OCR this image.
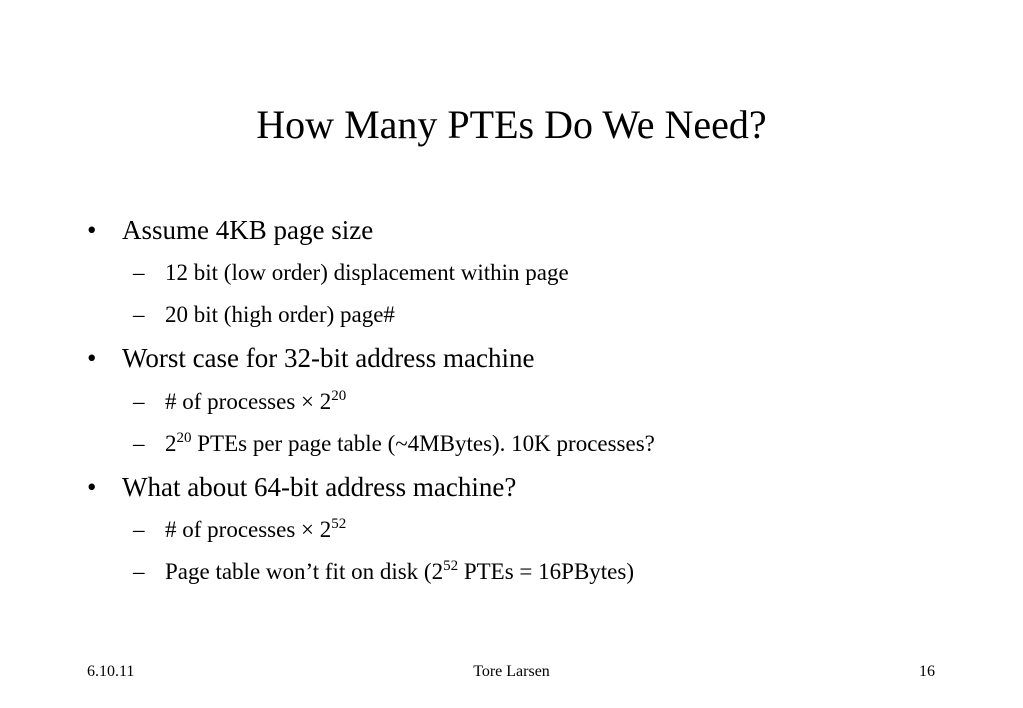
How Many PTEs Do We Need?
• Assume 4KB page size
– 12 bit (low order) displacement within page
– 20 bit (high order) page#
• Worst case for 32-bit address machine
– # of processes × $2^{20}$
– $2^{20}$ PTEs per page table (~4MBytes). 10K processes?
• What about 64-bit address machine?
– # of processes × $2^{52}$
– Page table won’t fit on disk ($2^{52}$ PTEs = 16PBytes)
6.10.11	Tore Larsen	16
